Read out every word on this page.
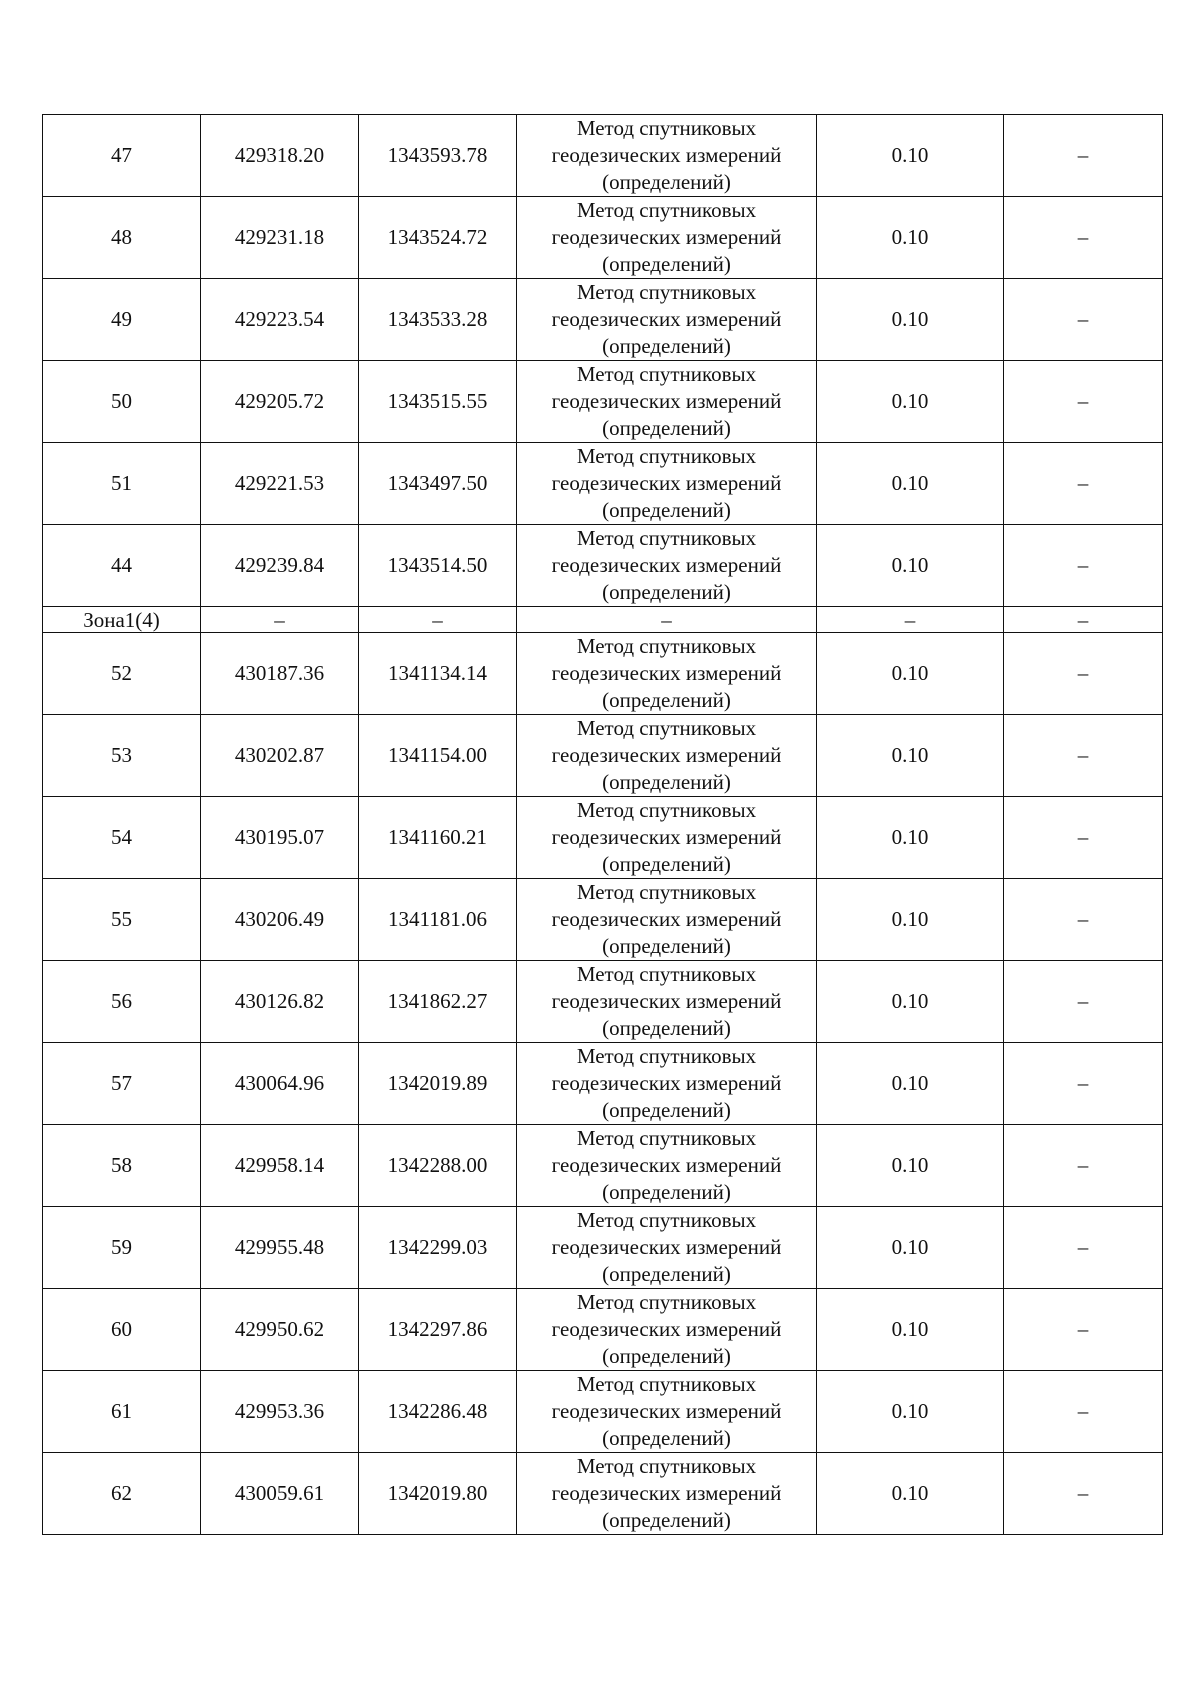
47	429318.20	1343593.78	Метод спутниковых
геодезических измерений
(определений)	0.10	–
48	429231.18	1343524.72	Метод спутниковых
геодезических измерений
(определений)	0.10	–
49	429223.54	1343533.28	Метод спутниковых
геодезических измерений
(определений)	0.10	–
50	429205.72	1343515.55	Метод спутниковых
геодезических измерений
(определений)	0.10	–
51	429221.53	1343497.50	Метод спутниковых
геодезических измерений
(определений)	0.10	–
44	429239.84	1343514.50	Метод спутниковых
геодезических измерений
(определений)	0.10	–
Зона1(4)	–	–	–	–	–
52	430187.36	1341134.14	Метод спутниковых
геодезических измерений
(определений)	0.10	–
53	430202.87	1341154.00	Метод спутниковых
геодезических измерений
(определений)	0.10	–
54	430195.07	1341160.21	Метод спутниковых
геодезических измерений
(определений)	0.10	–
55	430206.49	1341181.06	Метод спутниковых
геодезических измерений
(определений)	0.10	–
56	430126.82	1341862.27	Метод спутниковых
геодезических измерений
(определений)	0.10	–
57	430064.96	1342019.89	Метод спутниковых
геодезических измерений
(определений)	0.10	–
58	429958.14	1342288.00	Метод спутниковых
геодезических измерений
(определений)	0.10	–
59	429955.48	1342299.03	Метод спутниковых
геодезических измерений
(определений)	0.10	–
60	429950.62	1342297.86	Метод спутниковых
геодезических измерений
(определений)	0.10	–
61	429953.36	1342286.48	Метод спутниковых
геодезических измерений
(определений)	0.10	–
62	430059.61	1342019.80	Метод спутниковых
геодезических измерений
(определений)	0.10	–
